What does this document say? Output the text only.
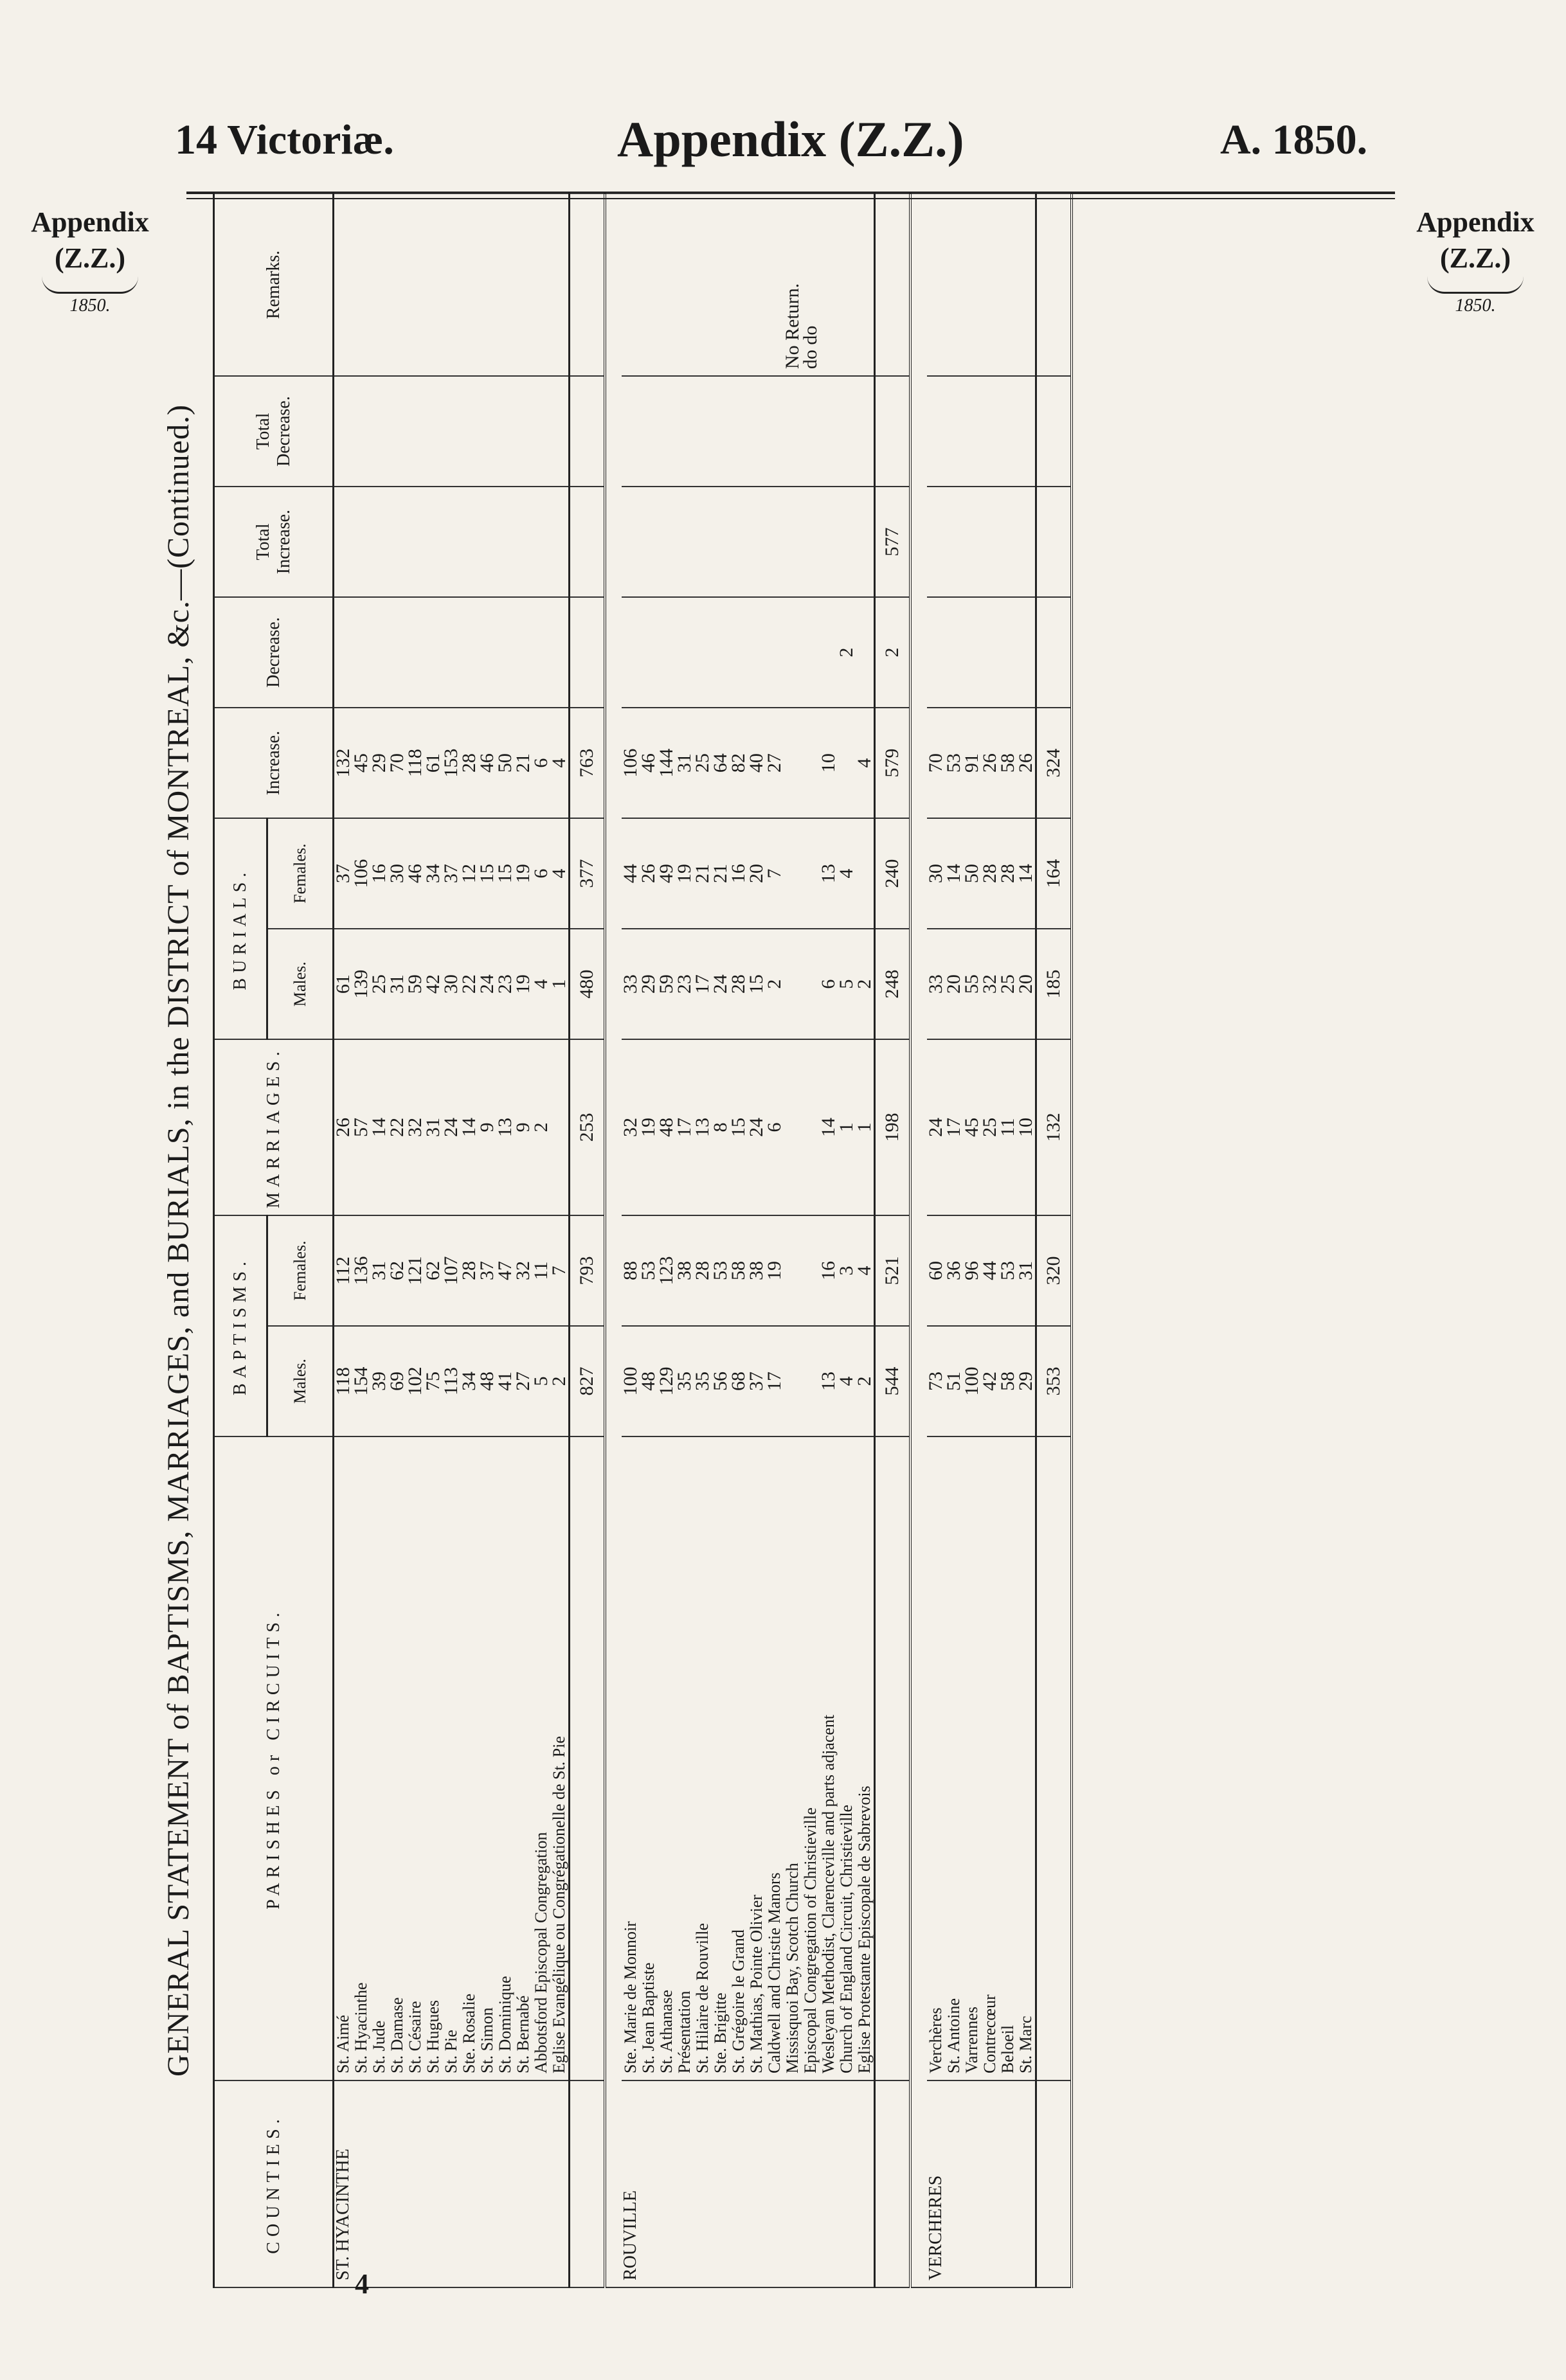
14 Victoriæ.	Appendix (Z.Z.)	A. 1850.
Appendix
(Z.Z.)
1850.
Appendix
(Z.Z.)
1850.
GENERAL STATEMENT of BAPTISMS, MARRIAGES, and BURIALS, in the DISTRICT of MONTREAL, &c.—(Continued.)
COUNTIES.	PARISHES or CIRCUITS.	BAPTISMS.		MARRIAGES.	BURIALS.		Increase.	Decrease.	Total Increase.	Total Decrease.	Remarks.
		Males.	Females.		Males.	Females.					
ST. HYACINTHE	St. Aimé	118	112	26	61	37	132				
	St. Hyacinthe	154	136	57	139	106	45				
	St. Jude	39	31	14	25	16	29				
	St. Damase	69	62	22	31	30	70				
	St. Césaire	102	121	32	59	46	118				
	St. Hugues	75	62	31	42	34	61				
	St. Pie	113	107	24	30	37	153				
	Ste. Rosalie	34	28	14	22	12	28				
	St. Simon	48	37	9	24	15	46				
	St. Dominique	41	47	13	23	15	50				
	St. Bernabé	27	32	9	19	19	21				
	Abbotsford Episcopal Congregation	5	11	2	4	6	6				
	Eglise Evangélique ou Congrégationelle de St. Pie	2	7		1	4	4				
		827	793	253	480	377	763				

ROUVILLE	Ste. Marie de Monnoir	100	88	32	33	44	106				
	St. Jean Baptiste	48	53	19	29	26	46				
	St. Athanase	129	123	48	59	49	144				
	Présentation	35	38	17	23	19	31				
	St. Hilaire de Rouville	35	28	13	17	21	25				
	Ste. Brigitte	56	53	8	24	21	64				
	St. Grégoire le Grand	68	58	15	28	16	82				
	St. Mathias, Pointe Olivier	37	38	24	15	20	40				
	Caldwell and Christie Manors	17	19	6	2	7	27				
	Missisquoi Bay, Scotch Church										No Return.
	Episcopal Congregation of Christieville										do do
	Wesleyan Methodist, Clarenceville and parts adjacent	13	16	14	6	13	10				
	Church of England Circuit, Christieville	4	3	1	5	4		2			
	Eglise Protestante Episcopale de Sabrevois	2	4	1	2		4				
		544	521	198	248	240	579	2	577		

VERCHERES	Verchères	73	60	24	33	30	70				
	St. Antoine	51	36	17	20	14	53				
	Varrennes	100	96	45	55	50	91				
	Contrecœur	42	44	25	32	28	26				
	Beloeil	58	53	11	25	28	58				
	St. Marc	29	31	10	20	14	26				
		353	320	132	185	164	324				
4
